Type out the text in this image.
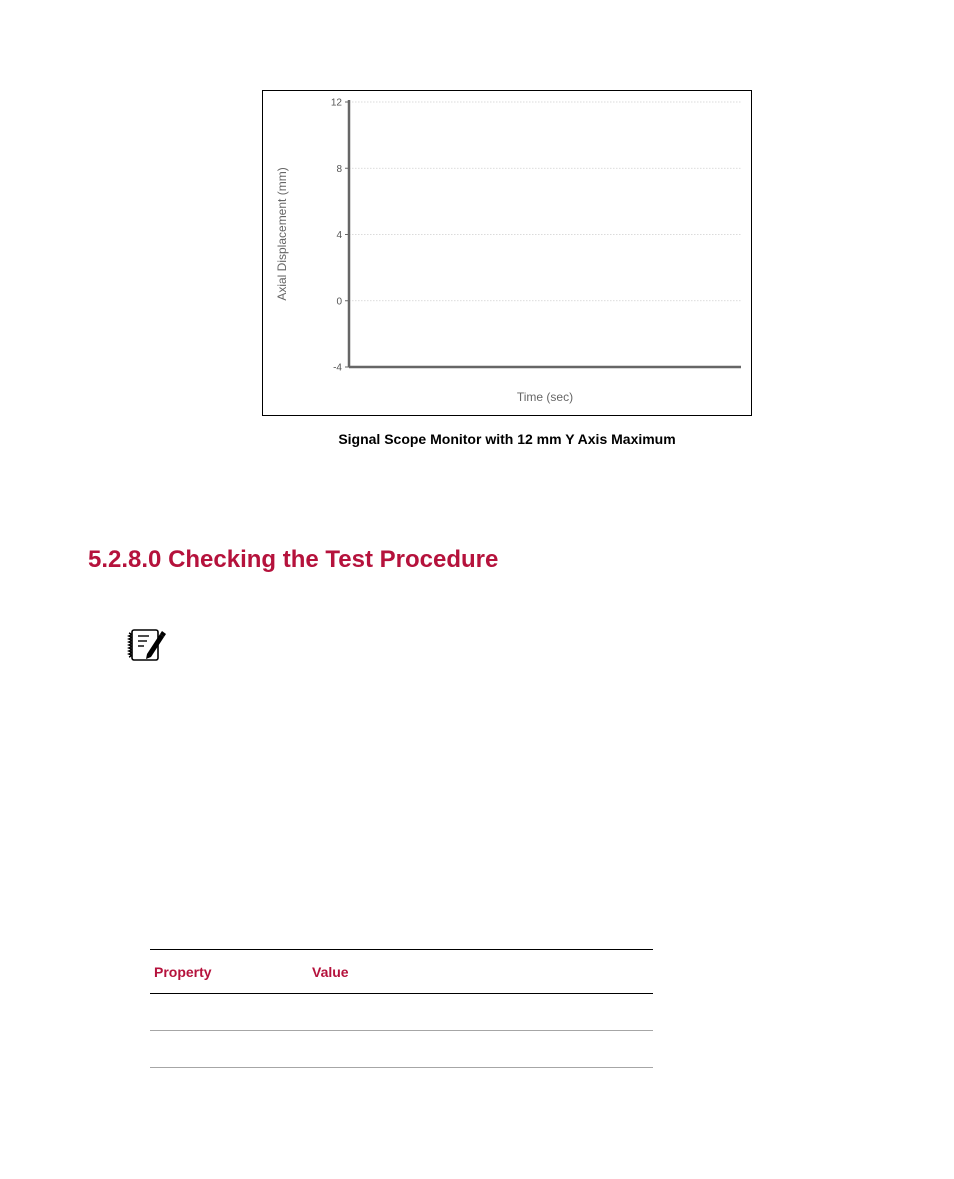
12
8
4
0
-4
Axial Displacement (mm)
Time (sec)
Signal Scope Monitor with 12 mm Y Axis Maximum
5.2.8.0 Checking the Test Procedure
Property	Value
